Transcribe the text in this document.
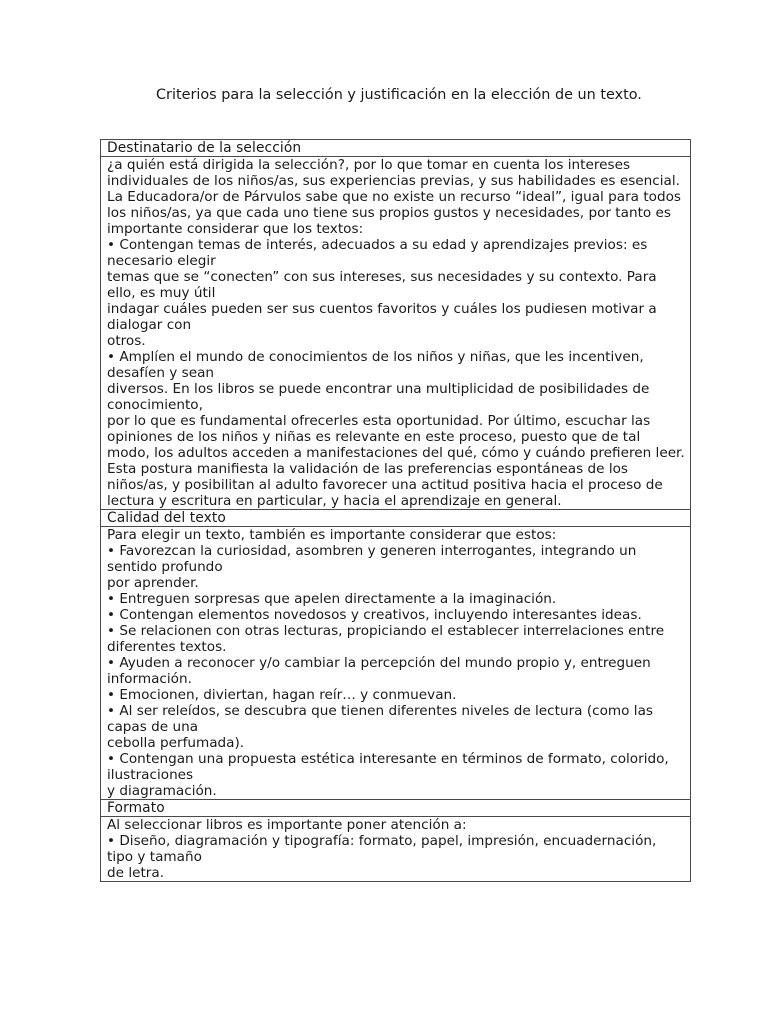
Criterios para la selección y justificación en la elección de un texto.

Destinatario de la selección

¿a quién está dirigida la selección?, por lo que tomar en cuenta los intereses individuales de los niños/as, sus experiencias previas, y sus habilidades es esencial. La Educadora/or de Párvulos sabe que no existe un recurso “ideal”, igual para todos los niños/as, ya que cada uno tiene sus propios gustos y necesidades, por tanto es importante considerar que los textos:
• Contengan temas de interés, adecuados a su edad y aprendizajes previos: es necesario elegir
temas que se “conecten” con sus intereses, sus necesidades y su contexto. Para ello, es muy útil
indagar cuáles pueden ser sus cuentos favoritos y cuáles los pudiesen motivar a dialogar con
otros.
• Amplíen el mundo de conocimientos de los niños y niñas, que les incentiven, desafíen y sean
diversos. En los libros se puede encontrar una multiplicidad de posibilidades de conocimiento,
por lo que es fundamental ofrecerles esta oportunidad. Por último, escuchar las opiniones de los niños y niñas es relevante en este proceso, puesto que de tal modo, los adultos acceden a manifestaciones del qué, cómo y cuándo prefieren leer. Esta postura manifiesta la validación de las preferencias espontáneas de los niños/as, y posibilitan al adulto favorecer una actitud positiva hacia el proceso de lectura y escritura en particular, y hacia el aprendizaje en general.

Calidad del texto

Para elegir un texto, también es importante considerar que estos:
• Favorezcan la curiosidad, asombren y generen interrogantes, integrando un sentido profundo
por aprender.
• Entreguen sorpresas que apelen directamente a la imaginación.
• Contengan elementos novedosos y creativos, incluyendo interesantes ideas.
• Se relacionen con otras lecturas, propiciando el establecer interrelaciones entre diferentes textos.
• Ayuden a reconocer y/o cambiar la percepción del mundo propio y, entreguen información.
• Emocionen, diviertan, hagan reír… y conmuevan.
• Al ser releídos, se descubra que tienen diferentes niveles de lectura (como las capas de una
cebolla perfumada).
• Contengan una propuesta estética interesante en términos de formato, colorido, ilustraciones
y diagramación.

Formato

Al seleccionar libros es importante poner atención a:
• Diseño, diagramación y tipografía: formato, papel, impresión, encuadernación, tipo y tamaño
de letra.
